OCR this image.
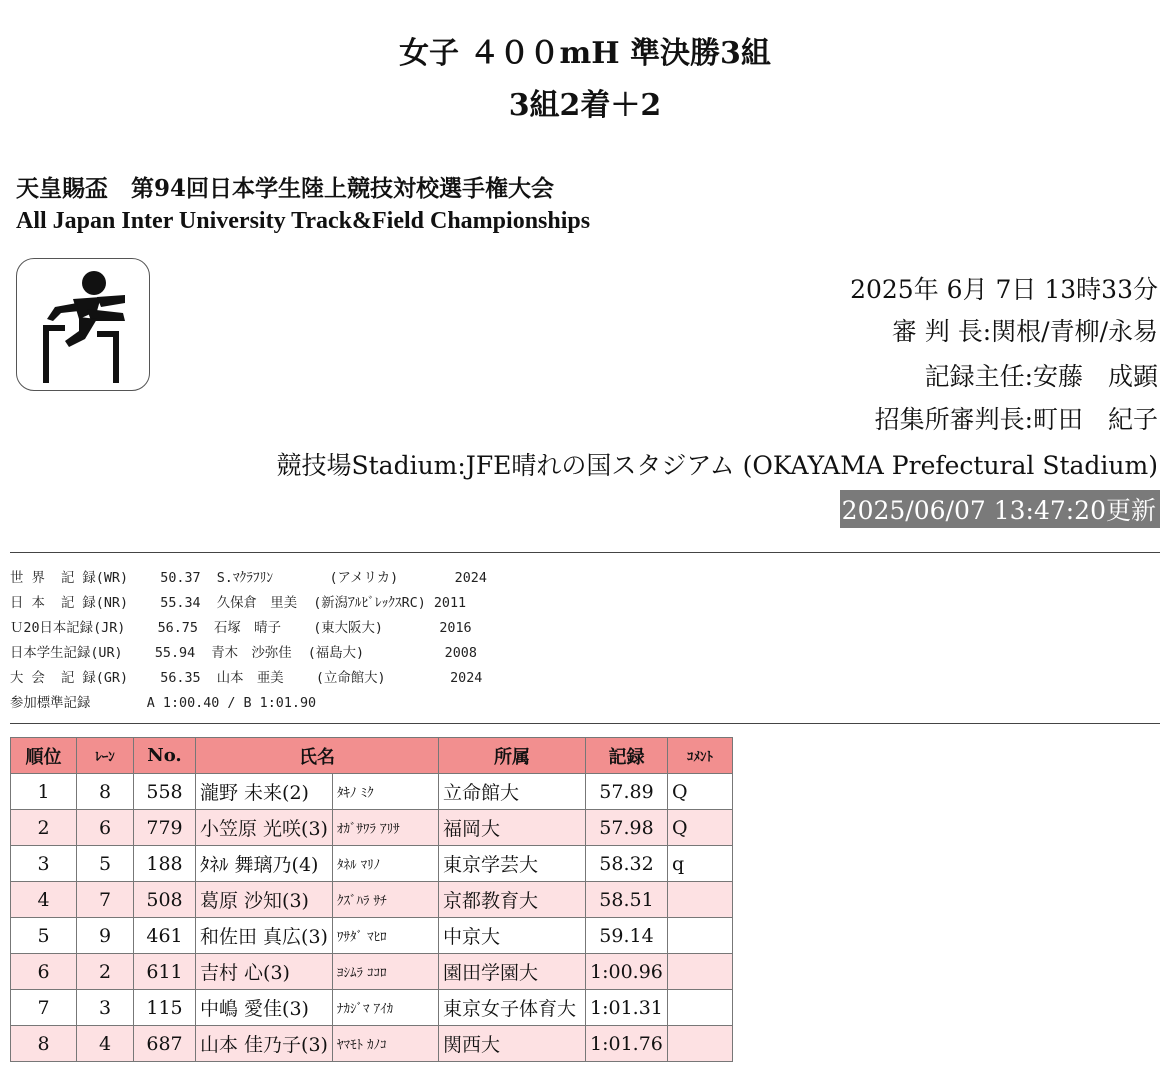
女子 ４００mH 準決勝3組
3組2着＋2
天皇賜盃　第94回日本学生陸上競技対校選手権大会
All Japan Inter University Track&Field Championships
2025年 6月 7日 13時33分
審 判 長:関根/青柳/永易
記録主任:安藤　成顕
招集所審判長:町田　紀子
競技場Stadium:JFE晴れの国スタジアム (OKAYAMA Prefectural Stadium)
2025/06/07 13:47:20更新
世 界  記 録(WR)    50.37  S.ﾏｸﾗﾌﾘﾝ       (アメリカ)       2024
日 本  記 録(NR)    55.34  久保倉　里美  (新潟ｱﾙﾋﾞﾚｯｸｽRC) 2011
Ｕ20日本記録(JR)    56.75  石塚　晴子    (東大阪大)       2016
日本学生記録(UR)    55.94  青木　沙弥佳  (福島大)          2008
大 会  記 録(GR)    56.35  山本　亜美    (立命館大)        2024
参加標準記録       A 1:00.40 / B 1:01.90
順位	ﾚｰﾝ	No.	氏名		所属	記録	ｺﾒﾝﾄ
1	8	558	瀧野 未来(2)	ﾀｷﾉ ﾐｸ	立命館大	57.89	Q
2	6	779	小笠原 光咲(3)	ｵｶﾞｻﾜﾗ ｱﾘｻ	福岡大	57.98	Q
3	5	188	ﾀﾈﾙ 舞璃乃(4)	ﾀﾈﾙ ﾏﾘﾉ	東京学芸大	58.32	q
4	7	508	葛原 沙知(3)	ｸｽﾞﾊﾗ ｻﾁ	京都教育大	58.51	
5	9	461	和佐田 真広(3)	ﾜｻﾀﾞ ﾏﾋﾛ	中京大	59.14	
6	2	611	吉村 心(3)	ﾖｼﾑﾗ ｺｺﾛ	園田学園大	1:00.96	
7	3	115	中嶋 愛佳(3)	ﾅｶｼﾞﾏ ｱｲｶ	東京女子体育大	1:01.31	
8	4	687	山本 佳乃子(3)	ﾔﾏﾓﾄ ｶﾉｺ	関西大	1:01.76	
